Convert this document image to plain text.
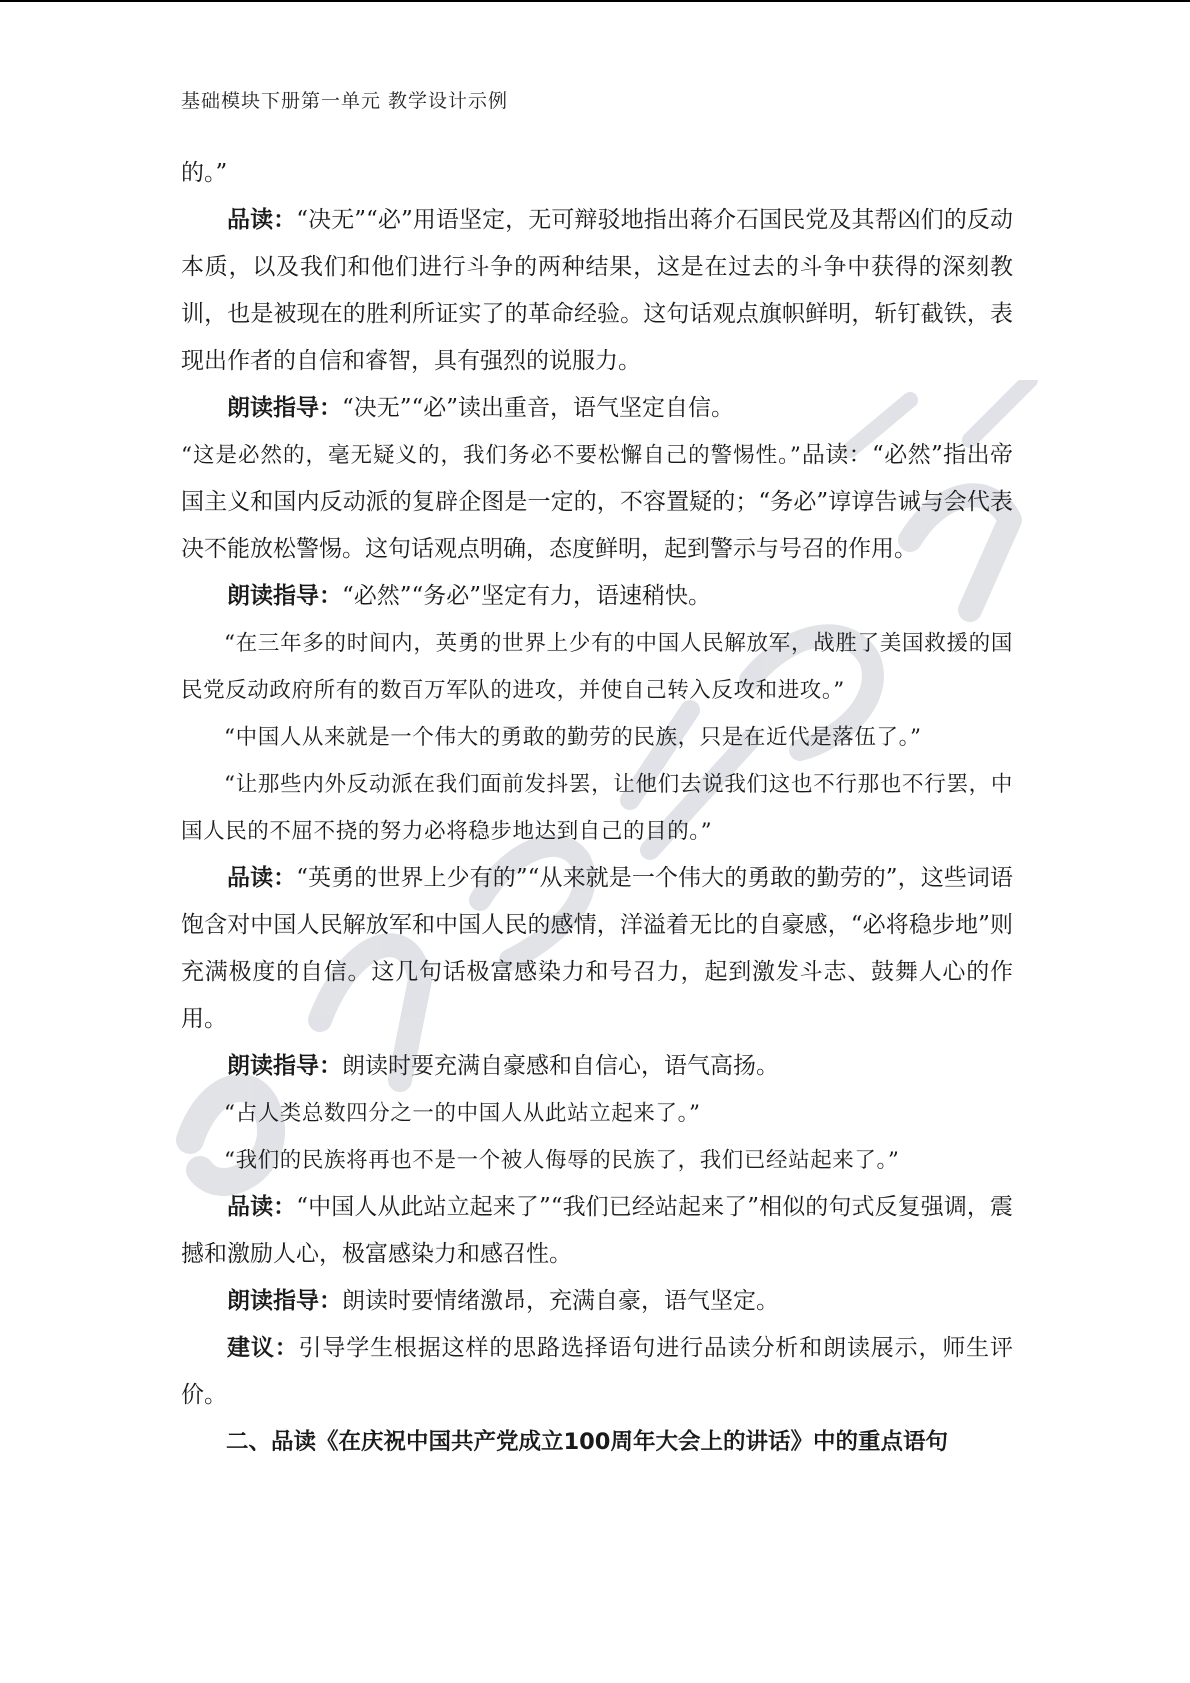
基础模块下册第一单元 教学设计示例

的。”

品读：“决无”“必”用语坚定，无可辩驳地指出蒋介石国民党及其帮凶们的反动本质，以及我们和他们进行斗争的两种结果，这是在过去的斗争中获得的深刻教训，也是被现在的胜利所证实了的革命经验。这句话观点旗帜鲜明，斩钉截铁，表现出作者的自信和睿智，具有强烈的说服力。

朗读指导：“决无”“必”读出重音，语气坚定自信。

“这是必然的，毫无疑义的，我们务必不要松懈自己的警惕性。”品读：“必然”指出帝国主义和国内反动派的复辟企图是一定的，不容置疑的；“务必”谆谆告诫与会代表决不能放松警惕。这句话观点明确，态度鲜明，起到警示与号召的作用。

朗读指导：“必然”“务必”坚定有力，语速稍快。

“在三年多的时间内，英勇的世界上少有的中国人民解放军，战胜了美国救援的国民党反动政府所有的数百万军队的进攻，并使自己转入反攻和进攻。”

“中国人从来就是一个伟大的勇敢的勤劳的民族，只是在近代是落伍了。”

“让那些内外反动派在我们面前发抖罢，让他们去说我们这也不行那也不行罢，中国人民的不屈不挠的努力必将稳步地达到自己的目的。”

品读：“英勇的世界上少有的”“从来就是一个伟大的勇敢的勤劳的”，这些词语饱含对中国人民解放军和中国人民的感情，洋溢着无比的自豪感，“必将稳步地”则充满极度的自信。这几句话极富感染力和号召力，起到激发斗志、鼓舞人心的作用。

朗读指导：朗读时要充满自豪感和自信心，语气高扬。

“占人类总数四分之一的中国人从此站立起来了。”

“我们的民族将再也不是一个被人侮辱的民族了，我们已经站起来了。”

品读：“中国人从此站立起来了”“我们已经站起来了”相似的句式反复强调，震撼和激励人心，极富感染力和感召性。

朗读指导：朗读时要情绪激昂，充满自豪，语气坚定。

建议：引导学生根据这样的思路选择语句进行品读分析和朗读展示，师生评价。

二、品读《在庆祝中国共产党成立100周年大会上的讲话》中的重点语句
